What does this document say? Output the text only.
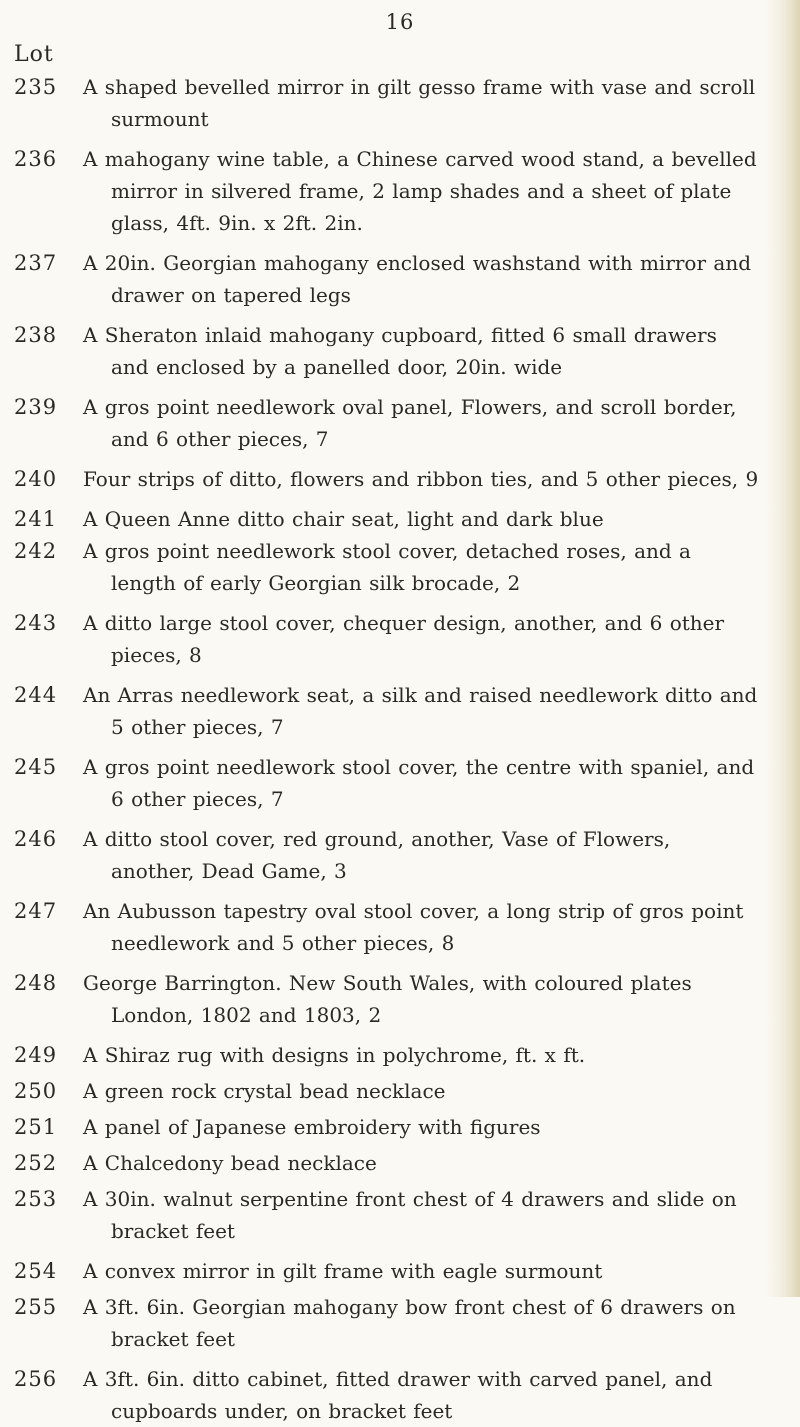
16
Lot
235	A shaped bevelled mirror in gilt gesso frame with vase and scroll surmount
236	A mahogany wine table, a Chinese carved wood stand, a bevelled mirror in silvered frame, 2 lamp shades and a sheet of plate glass, 4ft. 9in. x 2ft. 2in.
237	A 20in. Georgian mahogany enclosed washstand with mirror and drawer on tapered legs
238	A Sheraton inlaid mahogany cupboard, fitted 6 small drawers and enclosed by a panelled door, 20in. wide
239	A gros point needlework oval panel, Flowers, and scroll border, and 6 other pieces, 7
240	Four strips of ditto, flowers and ribbon ties, and 5 other pieces, 9
241	A Queen Anne ditto chair seat, light and dark blue
242	A gros point needlework stool cover, detached roses, and a length of early Georgian silk brocade, 2
243	A ditto large stool cover, chequer design, another, and 6 other pieces, 8
244	An Arras needlework seat, a silk and raised needlework ditto and 5 other pieces, 7
245	A gros point needlework stool cover, the centre with spaniel, and 6 other pieces, 7
246	A ditto stool cover, red ground, another, Vase of Flowers, another, Dead Game, 3
247	An Aubusson tapestry oval stool cover, a long strip of gros point needlework and 5 other pieces, 8
248	George Barrington. New South Wales, with coloured plates London, 1802 and 1803, 2
249	A Shiraz rug with designs in polychrome, ft. x ft.
250	A green rock crystal bead necklace
251	A panel of Japanese embroidery with figures
252	A Chalcedony bead necklace
253	A 30in. walnut serpentine front chest of 4 drawers and slide on bracket feet
254	A convex mirror in gilt frame with eagle surmount
255	A 3ft. 6in. Georgian mahogany bow front chest of 6 drawers on bracket feet
256	A 3ft. 6in. ditto cabinet, fitted drawer with carved panel, and cupboards under, on bracket feet
